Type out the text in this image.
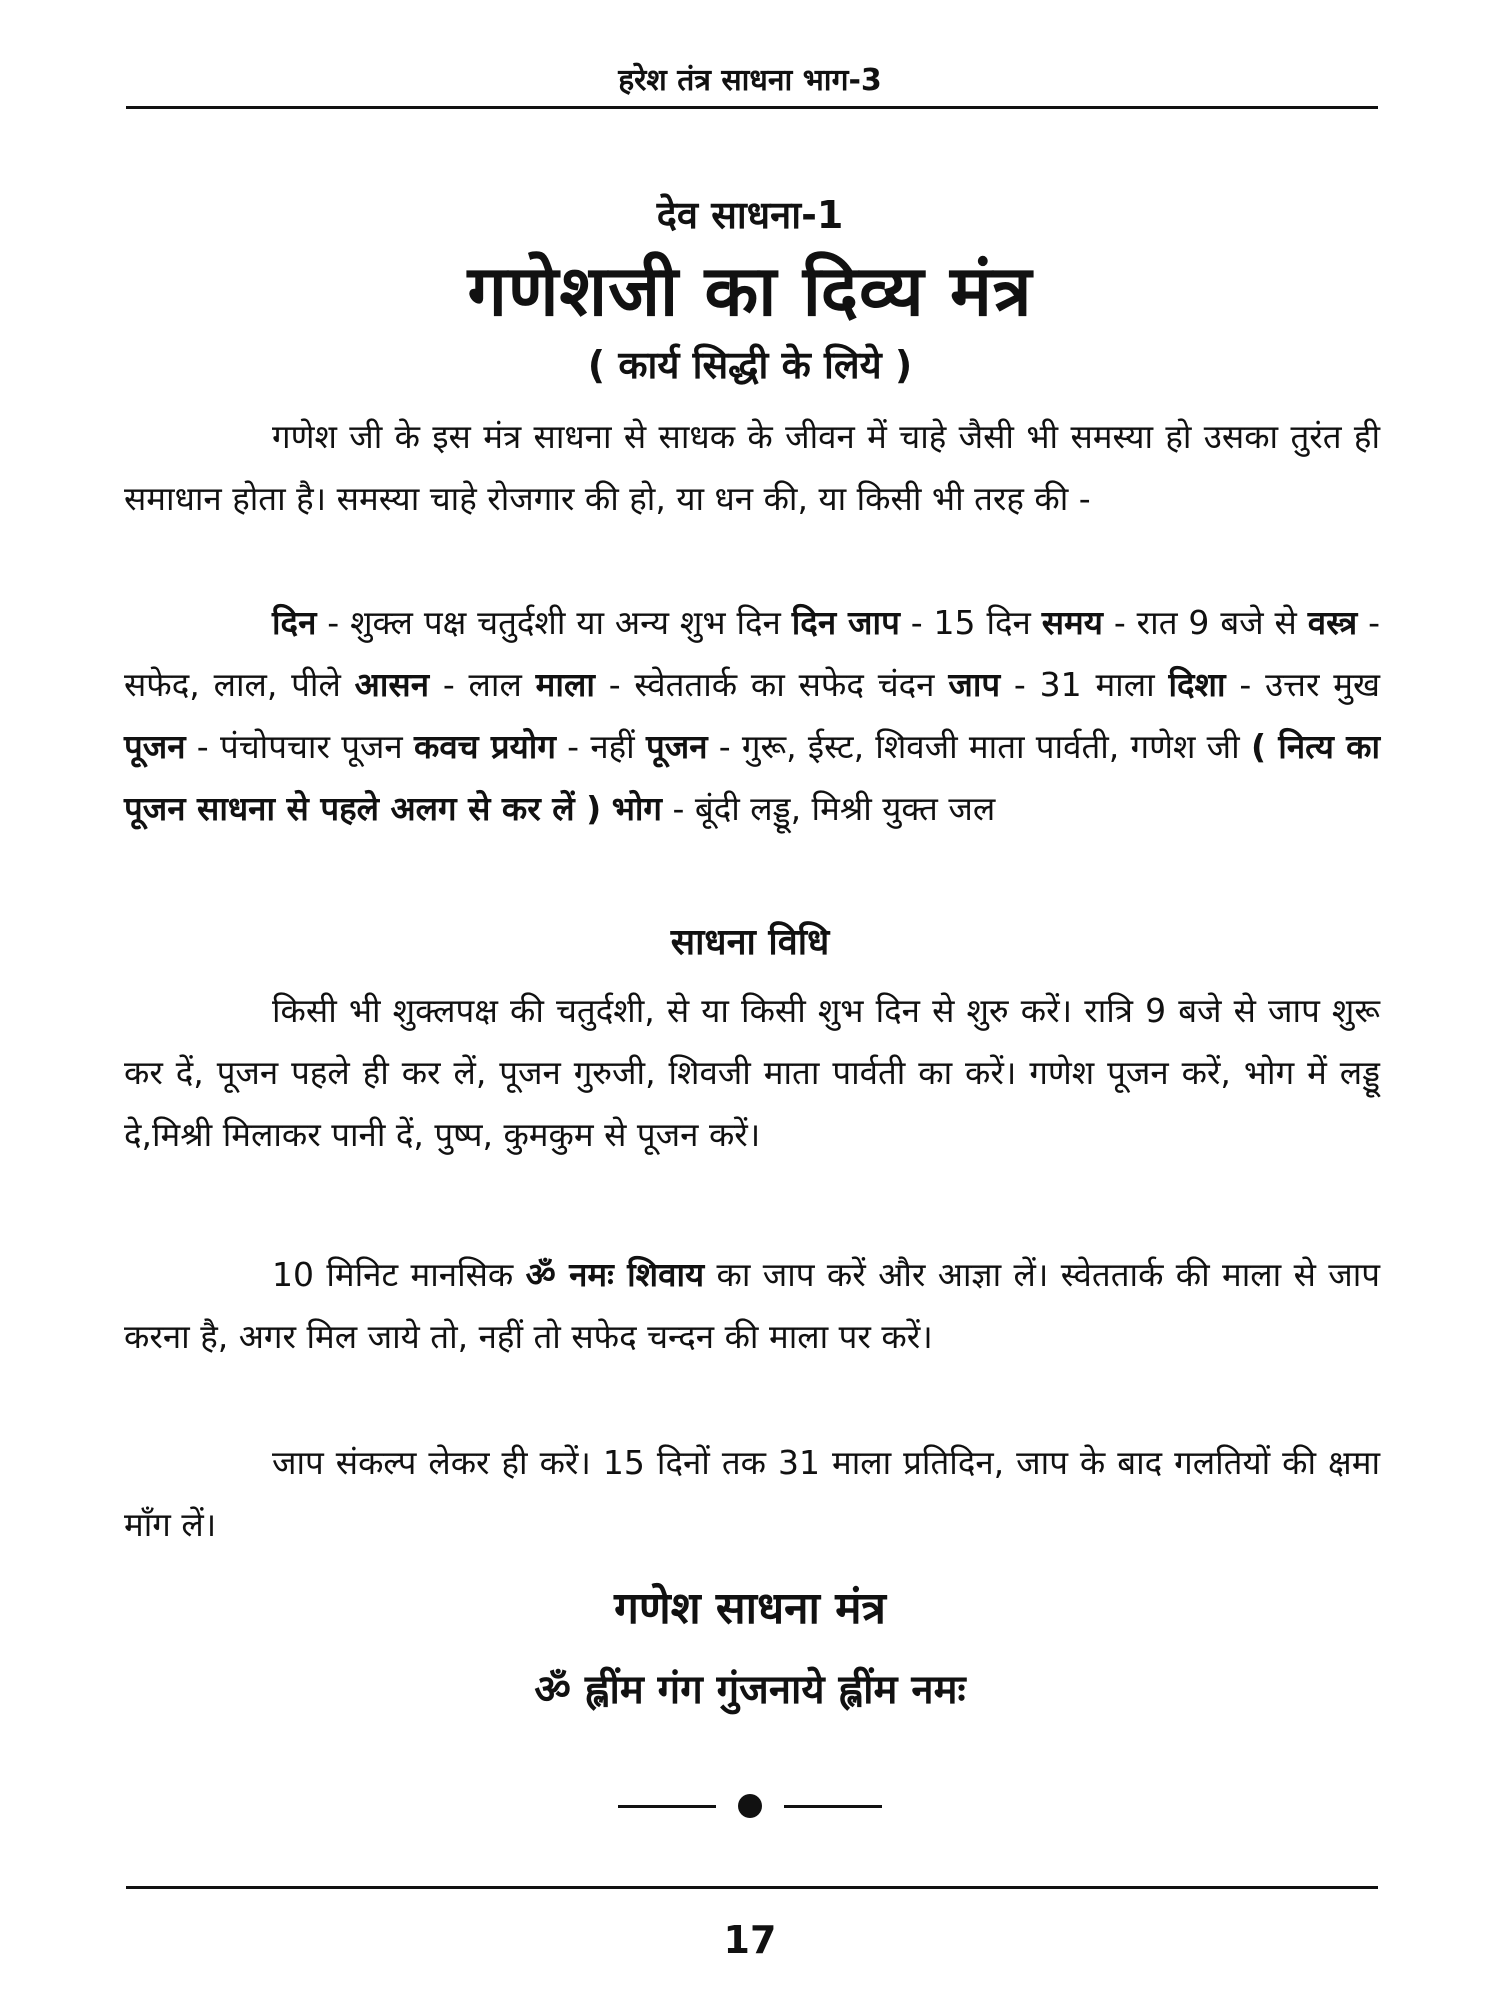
हरेश तंत्र साधना भाग-3
देव साधना-1
गणेशजी का दिव्य मंत्र
( कार्य सिद्धी के लिये )

गणेश जी के इस मंत्र साधना से साधक के जीवन में चाहे जैसी भी समस्या हो उसका तुरंत ही समाधान होता है। समस्या चाहे रोजगार की हो, या धन की, या किसी भी तरह की -

दिन - शुक्ल पक्ष चतुर्दशी या अन्य शुभ दिन दिन जाप - 15 दिन समय - रात 9 बजे से वस्त्र - सफेद, लाल, पीले आसन - लाल माला - स्वेततार्क का सफेद चंदन जाप - 31 माला दिशा - उत्तर मुख पूजन - पंचोपचार पूजन कवच प्रयोग - नहीं पूजन - गुरू, ईस्ट, शिवजी माता पार्वती, गणेश जी ( नित्य का पूजन साधना से पहले अलग से कर लें ) भोग - बूंदी लड्डू, मिश्री युक्त जल

साधना विधि

किसी भी शुक्लपक्ष की चतुर्दशी, से या किसी शुभ दिन से शुरु करें। रात्रि 9 बजे से जाप शुरू कर दें, पूजन पहले ही कर लें, पूजन गुरुजी, शिवजी माता पार्वती का करें। गणेश पूजन करें, भोग में लड्डू दे,मिश्री मिलाकर पानी दें, पुष्प, कुमकुम से पूजन करें।

10 मिनिट मानसिक ॐ नमः शिवाय का जाप करें और आज्ञा लें। स्वेततार्क की माला से जाप करना है, अगर मिल जाये तो, नहीं तो सफेद चन्दन की माला पर करें।

जाप संकल्प लेकर ही करें। 15 दिनों तक 31 माला प्रतिदिन, जाप के बाद गलतियों की क्षमा माँग लें।

गणेश साधना मंत्र
ॐ ह्लींम गंग गुंजनाये ह्लींम नमः
17
